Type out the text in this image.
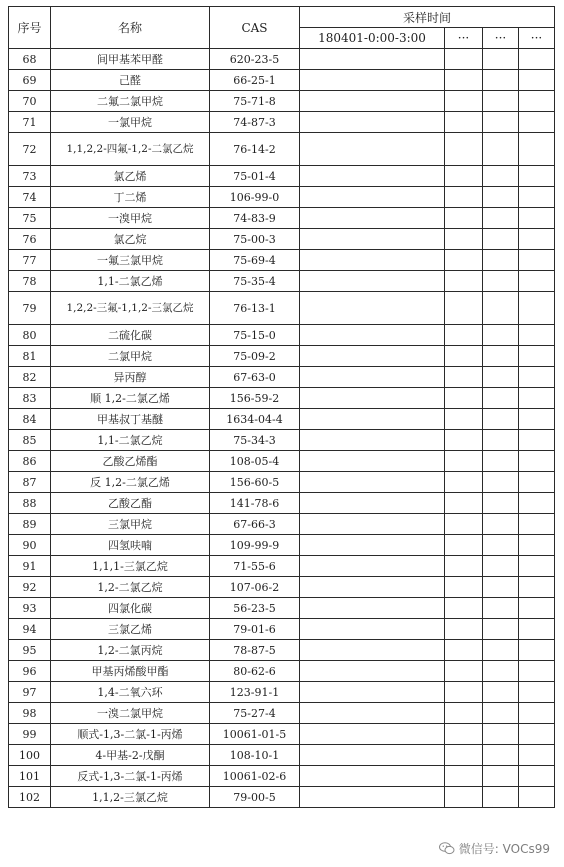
序号	名称	CAS	采样时间			
			180401-0:00-3:00	···	···	···
68	间甲基苯甲醛	620-23-5				
69	己醛	66-25-1				
70	二氟二氯甲烷	75-71-8				
71	一氯甲烷	74-87-3				
72	1,1,2,2-四氟-1,2-二氯乙烷	76-14-2				
73	氯乙烯	75-01-4				
74	丁二烯	106-99-0				
75	一溴甲烷	74-83-9				
76	氯乙烷	75-00-3				
77	一氟三氯甲烷	75-69-4				
78	1,1-二氯乙烯	75-35-4				
79	1,2,2-三氟-1,1,2-三氯乙烷	76-13-1				
80	二硫化碳	75-15-0				
81	二氯甲烷	75-09-2				
82	异丙醇	67-63-0				
83	顺 1,2-二氯乙烯	156-59-2				
84	甲基叔丁基醚	1634-04-4				
85	1,1-二氯乙烷	75-34-3				
86	乙酸乙烯酯	108-05-4				
87	反 1,2-二氯乙烯	156-60-5				
88	乙酸乙酯	141-78-6				
89	三氯甲烷	67-66-3				
90	四氢呋喃	109-99-9				
91	1,1,1-三氯乙烷	71-55-6				
92	1,2-二氯乙烷	107-06-2				
93	四氯化碳	56-23-5				
94	三氯乙烯	79-01-6				
95	1,2-二氯丙烷	78-87-5				
96	甲基丙烯酸甲酯	80-62-6				
97	1,4-二氧六环	123-91-1				
98	一溴二氯甲烷	75-27-4				
99	顺式-1,3-二氯-1-丙烯	10061-01-5				
100	4-甲基-2-戊酮	108-10-1				
101	反式-1,3-二氯-1-丙烯	10061-02-6				
102	1,1,2-三氯乙烷	79-00-5				
微信号: VOCs99
